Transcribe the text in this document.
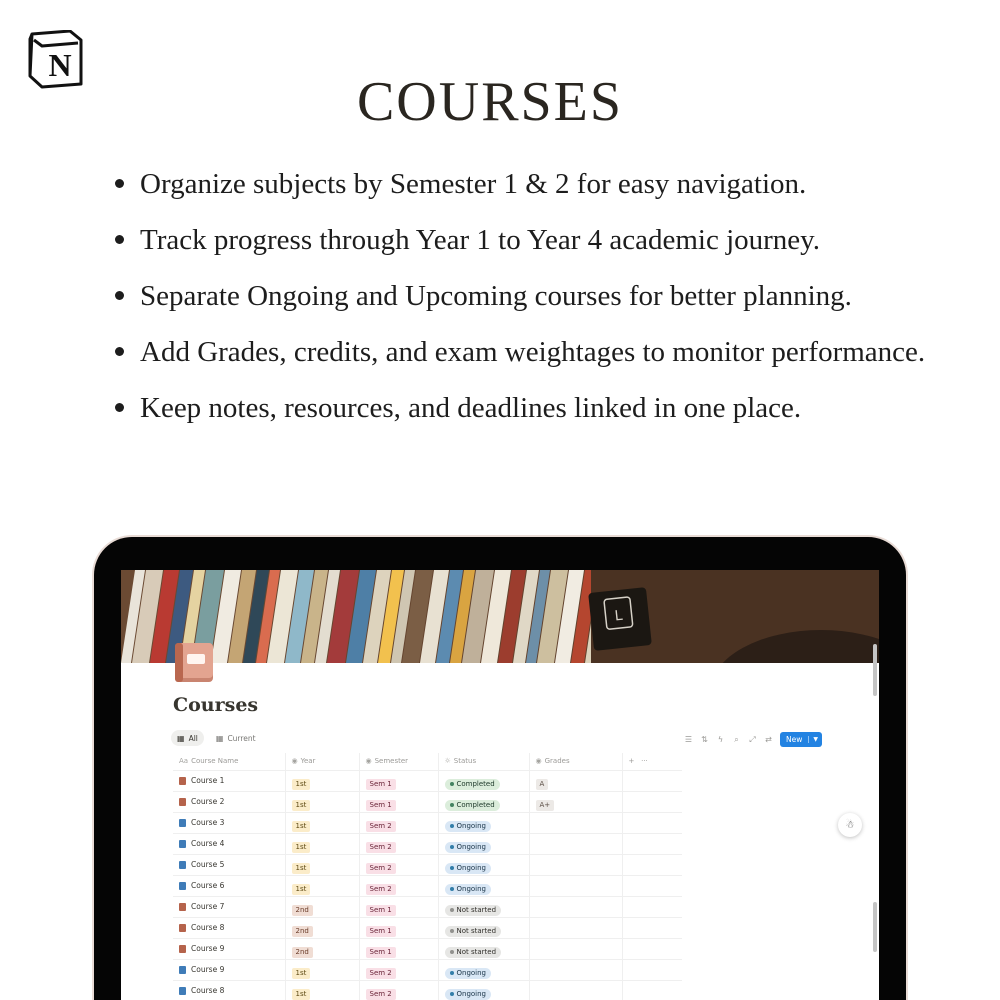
N
COURSES
Organize subjects by Semester 1 & 2 for easy navigation.
Track progress through Year 1 to Year 4 academic journey.
Separate Ongoing and Upcoming courses for better planning.
Add Grades, credits, and exam weightages to monitor performance.
Keep notes, resources, and deadlines linked in one place.
L
Courses
▦ All ▦ Current	☰ ⇅ ϟ ⌕ ⤢ ⇄ New	▼
Aa Course Name	◉ Year	◉ Semester	☼ Status	◉ Grades	+ ···

Course 1	1st	Sem 1	Completed	A	

Course 2	1st	Sem 1	Completed	A+	

Course 3	1st	Sem 2	Ongoing		

Course 4	1st	Sem 2	Ongoing		

Course 5	1st	Sem 2	Ongoing		

Course 6	1st	Sem 2	Ongoing		

Course 7	2nd	Sem 1	Not started		

Course 8	2nd	Sem 1	Not started		

Course 9	2nd	Sem 1	Not started		

Course 9	1st	Sem 2	Ongoing		

Course 8	1st	Sem 2	Ongoing		

☃
